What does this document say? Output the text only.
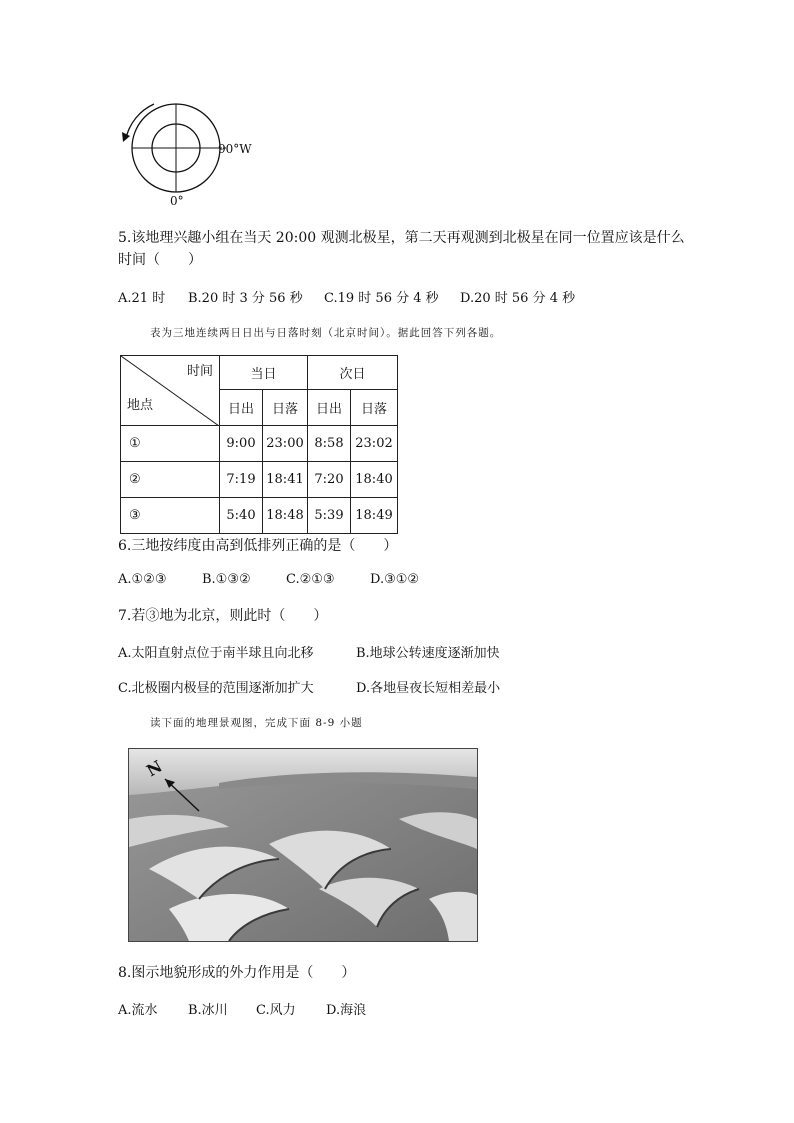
90°W
0°
5.该地理兴趣小组在当天 20:00 观测北极星，第二天再观测到北极星在同一位置应该是什么
时间（　　）
A.21 时 B.20 时 3 分 56 秒 C.19 时 56 分 4 秒 D.20 时 56 分 4 秒
表为三地连续两日日出与日落时刻（北京时间）。据此回答下列各题。
时间
地点	当日		次日	
	日出	日落	日出	日落
①	9:00	23:00	8:58	23:02
②	7:19	18:41	7:20	18:40
③	5:40	18:48	5:39	18:49
6.三地按纬度由高到低排列正确的是（　　）
A.①②③	B.①③②	C.②①③	D.③①②
7.若③地为北京，则此时（　　）
A.太阳直射点位于南半球且向北移	B.地球公转速度逐渐加快
C.北极圈内极昼的范围逐渐加扩大	D.各地昼夜长短相差最小
读下面的地理景观图，完成下面 8-9 小题
N
8.图示地貌形成的外力作用是（　　）
A.流水 B.冰川 C.风力 D.海浪
